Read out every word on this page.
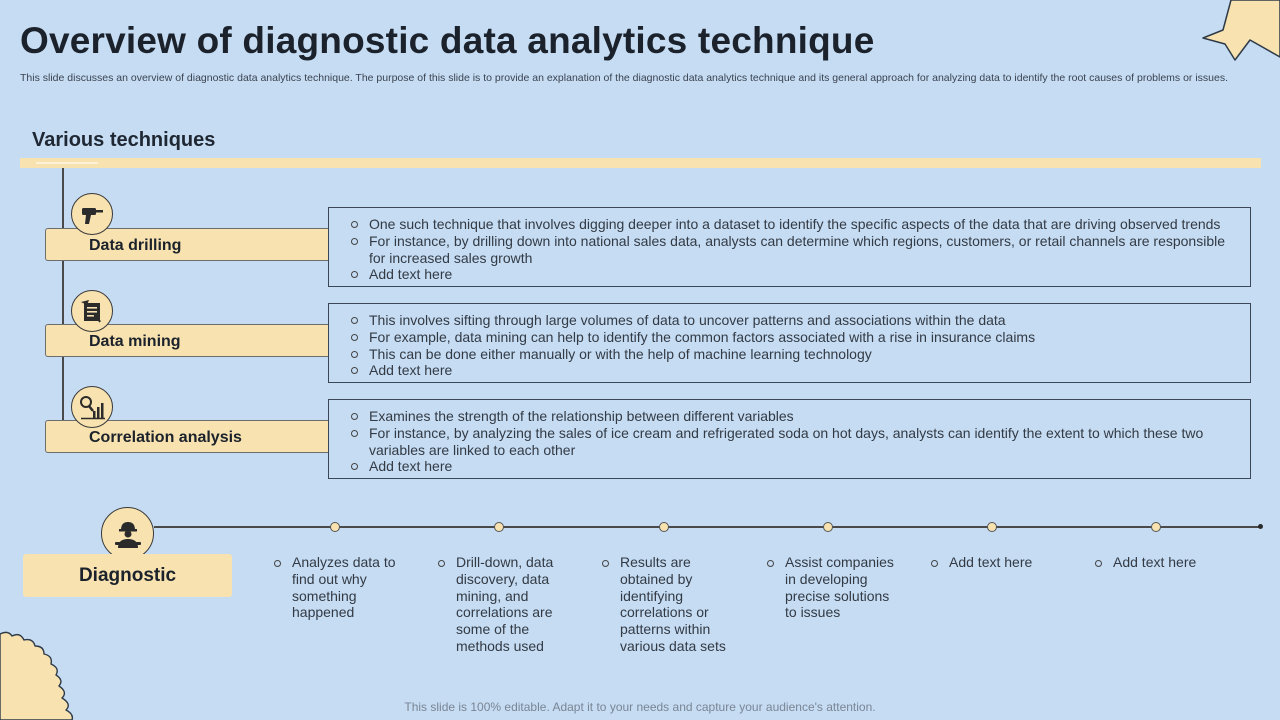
Overview of diagnostic data analytics technique
This slide discusses an overview of diagnostic data analytics technique. The purpose of this slide is to provide an explanation of the diagnostic data analytics technique and its general approach for analyzing data to identify the root causes of problems or issues.
Various techniques
Data drilling
One such technique that involves digging deeper into a dataset to identify the specific aspects of the data that are driving observed trends
For instance, by drilling down into national sales data, analysts can determine which regions, customers, or retail channels are responsible for increased sales growth
Add text here
Data mining
This involves sifting through large volumes of data to uncover patterns and associations within the data
For example, data mining can help to identify the common factors associated with a rise in insurance claims
This can be done either manually or with the help of machine learning technology
Add text here
Correlation analysis
Examines the strength of the relationship between different variables
For instance, by analyzing the sales of ice cream and refrigerated soda on hot days, analysts can identify the extent to which these two variables are linked to each other
Add text here
Diagnostic
Analyzes data to find out why something happened
Drill-down, data discovery, data mining, and correlations are some of the methods used
Results are obtained by identifying correlations or patterns within various data sets
Assist companies in developing precise solutions to issues
Add text here	Add text here
This slide is 100% editable. Adapt it to your needs and capture your audience's attention.
